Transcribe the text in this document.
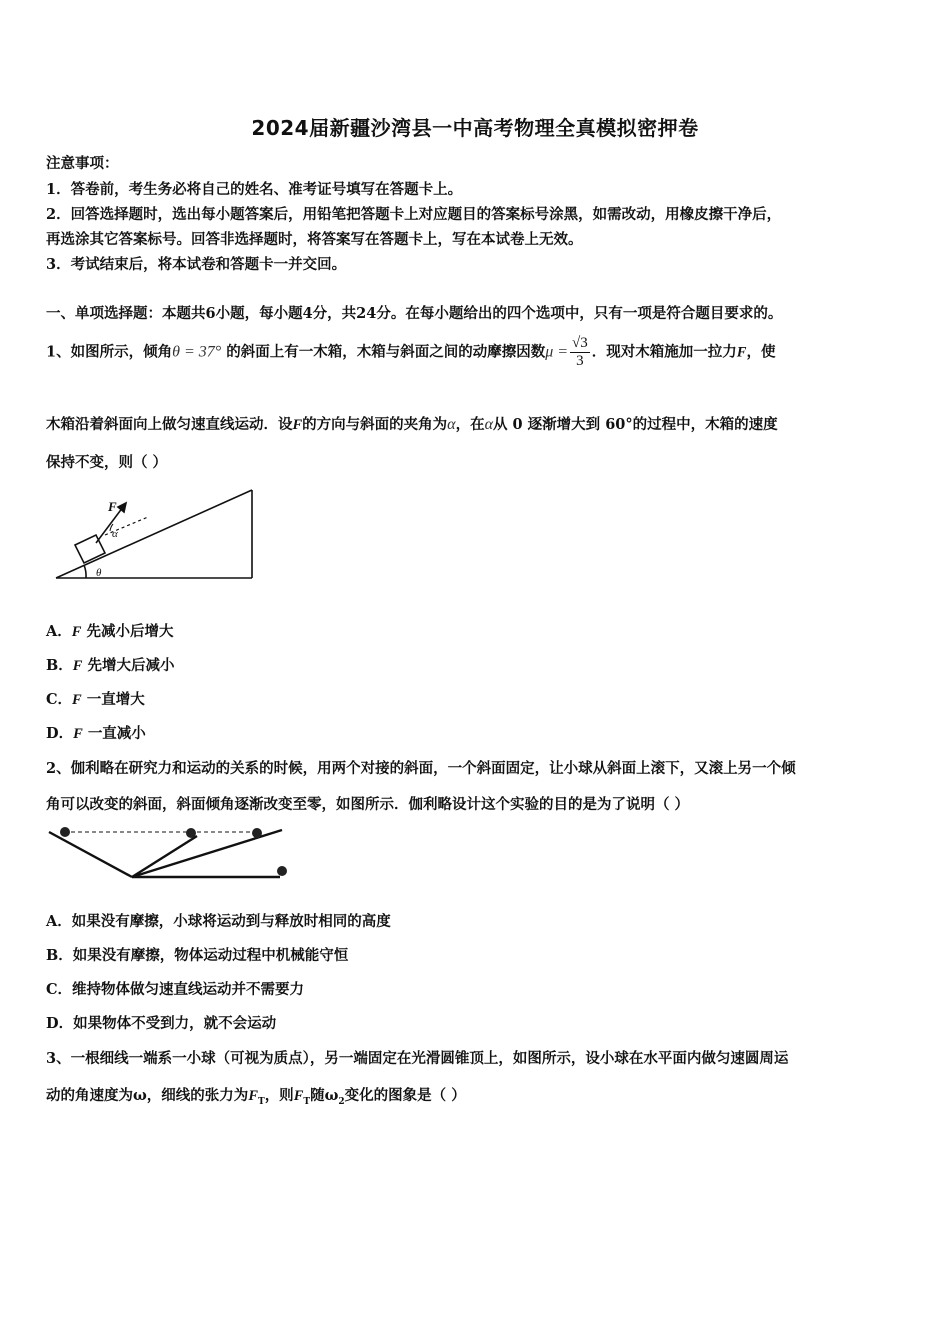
2024届新疆沙湾县一中高考物理全真模拟密押卷
注意事项：
1．答卷前，考生务必将自己的姓名、准考证号填写在答题卡上。
2．回答选择题时，选出每小题答案后，用铅笔把答题卡上对应题目的答案标号涂黑，如需改动，用橡皮擦干净后，
再选涂其它答案标号。回答非选择题时，将答案写在答题卡上，写在本试卷上无效。
3．考试结束后，将本试卷和答题卡一并交回。
一、单项选择题：本题共6小题，每小题4分，共24分。在每小题给出的四个选项中，只有一项是符合题目要求的。
1、如图所示，倾角θ = 37° 的斜面上有一木箱，木箱与斜面之间的动摩擦因数$\mu = \frac{√3}{3}$ ．现对木箱施加一拉力F，使
木箱沿着斜面向上做匀速直线运动．设F的方向与斜面的夹角为α，在α从 0 逐渐增大到 60°的过程中，木箱的速度
保持不变，则（ ）
F
α
θ
A．F 先减小后增大
B．F 先增大后减小
C．F 一直增大
D．F 一直减小
2、伽利略在研究力和运动的关系的时候，用两个对接的斜面，一个斜面固定，让小球从斜面上滚下，又滚上另一个倾
角可以改变的斜面，斜面倾角逐渐改变至零，如图所示．伽利略设计这个实验的目的是为了说明（ ）
A．如果没有摩擦，小球将运动到与释放时相同的高度
B．如果没有摩擦，物体运动过程中机械能守恒
C．维持物体做匀速直线运动并不需要力
D．如果物体不受到力，就不会运动
3、一根细线一端系一小球（可视为质点），另一端固定在光滑圆锥顶上，如图所示，设小球在水平面内做匀速圆周运
动的角速度为ω，细线的张力为$F_T$，则$F_T$随$\omega_2$变化的图象是（ ）
